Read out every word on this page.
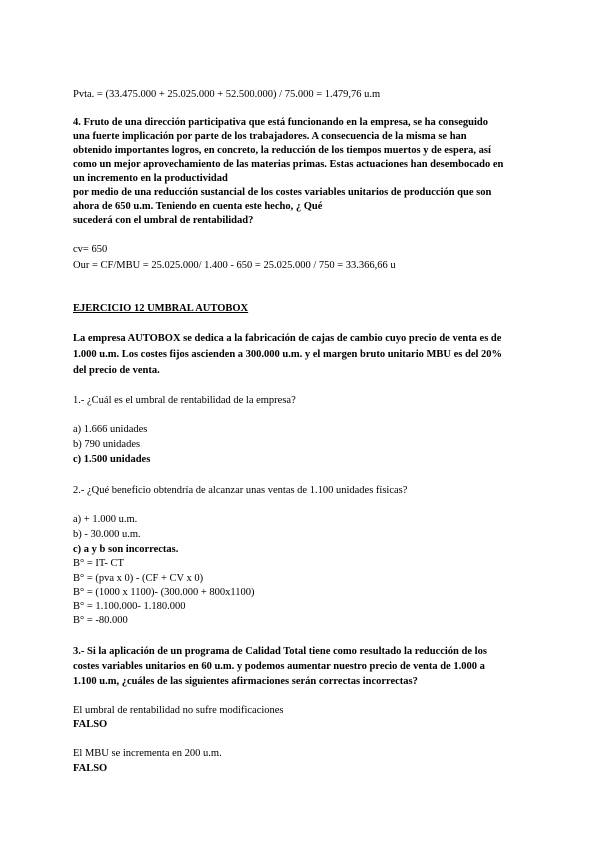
Pvta. = (33.475.000 + 25.025.000 + 52.500.000) / 75.000 = 1.479,76 u.m
4. Fruto de una dirección participativa que está funcionando en la empresa, se ha conseguido
una fuerte implicación por parte de los trabajadores. A consecuencia de la misma se han
obtenido importantes logros, en concreto, la reducción de los tiempos muertos y de espera, así
como un mejor aprovechamiento de las materias primas. Estas actuaciones han desembocado en
un incremento en la productividad
por medio de una reducción sustancial de los costes variables unitarios de producción que son
ahora de 650 u.m. Teniendo en cuenta este hecho, ¿ Qué
sucederá con el umbral de rentabilidad?
cv= 650
Our = CF/MBU = 25.025.000/ 1.400 - 650 = 25.025.000 / 750 = 33.366,66 u
EJERCICIO 12 UMBRAL AUTOBOX
La empresa AUTOBOX se dedica a la fabricación de cajas de cambio cuyo precio de venta es de
1.000 u.m. Los costes fijos ascienden a 300.000 u.m. y el margen bruto unitario MBU es del 20%
del precio de venta.
1.- ¿Cuál es el umbral de rentabilidad de la empresa?
a) 1.666 unidades
b) 790 unidades
c) 1.500 unidades
2.- ¿Qué beneficio obtendría de alcanzar unas ventas de 1.100 unidades físicas?
a) + 1.000 u.m.
b) - 30.000 u.m.
c) a y b son incorrectas.
B° = IT- CT
B° = (pva x 0) - (CF + CV x 0)
B° = (1000 x 1100)- (300.000 + 800x1100)
B° = 1.100.000- 1.180.000
B° = -80.000
3.- Si la aplicación de un programa de Calidad Total tiene como resultado la reducción de los
costes variables unitarios en 60 u.m. y podemos aumentar nuestro precio de venta de 1.000 a
1.100 u.m, ¿cuáles de las siguientes afirmaciones serán correctas incorrectas?
El umbral de rentabilidad no sufre modificaciones
FALSO
El MBU se incrementa en 200 u.m.
FALSO
